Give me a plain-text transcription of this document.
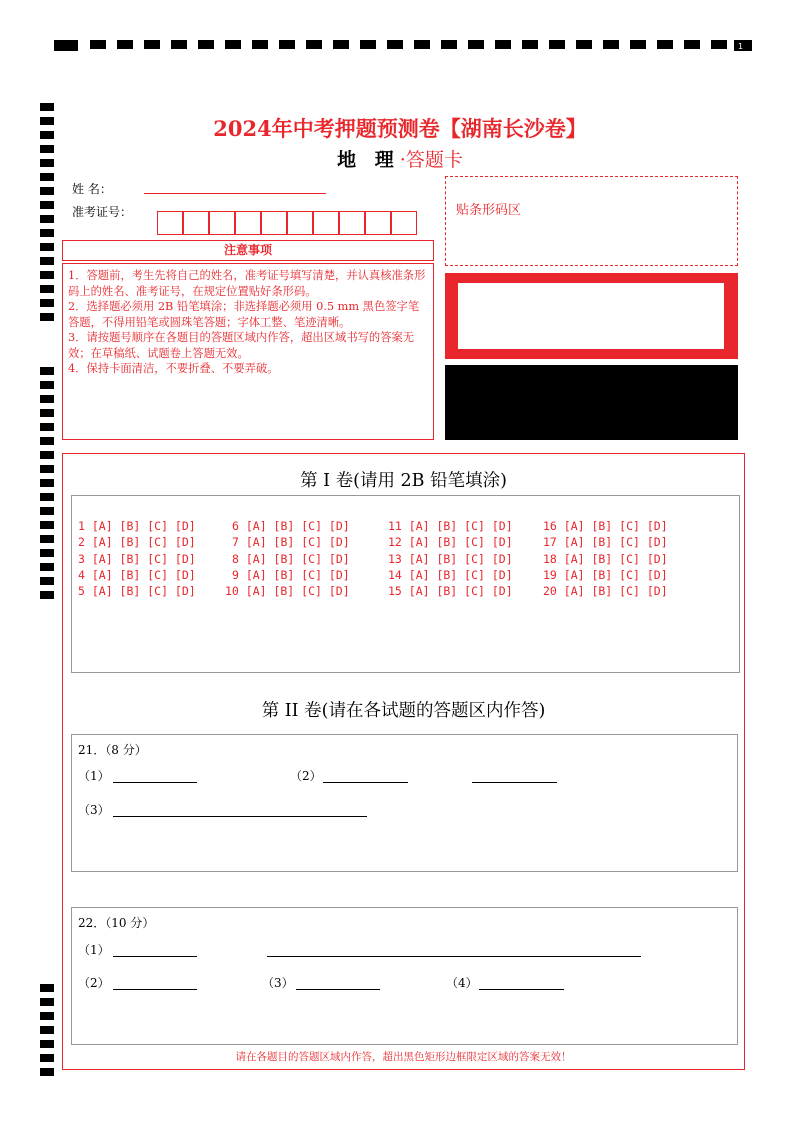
1
2024年中考押题预测卷【湖南长沙卷】
地 理·答题卡
姓 名：
准考证号：
注意事项

1．答题前，考生先将自己的姓名，准考证号填写清楚，并认真核准条形码上的姓名、准考证号，在规定位置贴好条形码。

2．选择题必须用 2B 铅笔填涂；非选择题必须用 0.5 mm 黑色签字笔答题，不得用铅笔或圆珠笔答题；字体工整、笔迹清晰。

3．请按题号顺序在各题目的答题区域内作答，超出区域书写的答案无效；在草稿纸、试题卷上答题无效。

4．保持卡面清洁，不要折叠、不要弄破。

贴条形码区
第 I 卷(请用 2B 铅笔填涂)
1 [A] [B] [C] [D]	6 [A] [B] [C] [D]	11 [A] [B] [C] [D]	16 [A] [B] [C] [D]
2 [A] [B] [C] [D]	7 [A] [B] [C] [D]	12 [A] [B] [C] [D]	17 [A] [B] [C] [D]
3 [A] [B] [C] [D]	8 [A] [B] [C] [D]	13 [A] [B] [C] [D]	18 [A] [B] [C] [D]
4 [A] [B] [C] [D]	9 [A] [B] [C] [D]	14 [A] [B] [C] [D]	19 [A] [B] [C] [D]
5 [A] [B] [C] [D]	10 [A] [B] [C] [D]	15 [A] [B] [C] [D]	20 [A] [B] [C] [D]
第 II 卷(请在各试题的答题区内作答)
21．（8 分）
（1）	（2）
（3）
22．（10 分）
（1）
（2）	（3）	（4）
请在各题目的答题区域内作答，超出黑色矩形边框限定区域的答案无效！
